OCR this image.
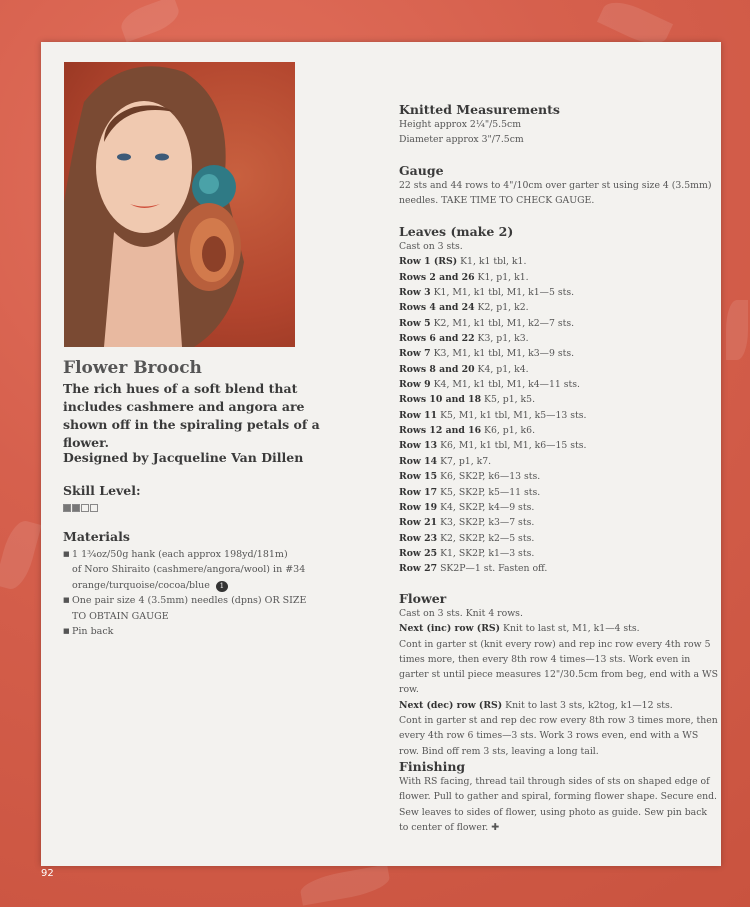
Flower Brooch

The rich hues of a soft blend that includes cashmere and angora are shown off in the spiraling petals of a flower.

Designed by Jacqueline Van Dillen

Skill Level:

Materials

■ 1 1¾oz/50g hank (each approx 198yd/181m)
of Noro Shiraito (cashmere/angora/wool) in #34
orange/turquoise/cocoa/blue 1
■ One pair size 4 (3.5mm) needles (dpns) OR SIZE
TO OBTAIN GAUGE
■ Pin back

Knitted Measurements

Height approx 2¼"/5.5cm

Diameter approx 3"/7.5cm

Gauge

22 sts and 44 rows to 4"/10cm over garter st using size 4 (3.5mm) needles. TAKE TIME TO CHECK GAUGE.

Leaves (make 2)

Cast on 3 sts.
Row 1 (RS) K1, k1 tbl, k1.
Rows 2 and 26 K1, p1, k1.
Row 3 K1, M1, k1 tbl, M1, k1—5 sts.
Rows 4 and 24 K2, p1, k2.
Row 5 K2, M1, k1 tbl, M1, k2—7 sts.
Rows 6 and 22 K3, p1, k3.
Row 7 K3, M1, k1 tbl, M1, k3—9 sts.
Rows 8 and 20 K4, p1, k4.
Row 9 K4, M1, k1 tbl, M1, k4—11 sts.
Rows 10 and 18 K5, p1, k5.
Row 11 K5, M1, k1 tbl, M1, k5—13 sts.
Rows 12 and 16 K6, p1, k6.
Row 13 K6, M1, k1 tbl, M1, k6—15 sts.
Row 14 K7, p1, k7.
Row 15 K6, SK2P, k6—13 sts.
Row 17 K5, SK2P, k5—11 sts.
Row 19 K4, SK2P, k4—9 sts.
Row 21 K3, SK2P, k3—7 sts.
Row 23 K2, SK2P, k2—5 sts.
Row 25 K1, SK2P, k1—3 sts.
Row 27 SK2P—1 st. Fasten off.

Flower

Cast on 3 sts. Knit 4 rows.

Next (inc) row (RS) Knit to last st, M1, k1—4 sts.

Cont in garter st (knit every row) and rep inc row every 4th row 5 times more, then every 8th row 4 times—13 sts. Work even in garter st until piece measures 12"/30.5cm from beg, end with a WS row.

Next (dec) row (RS) Knit to last 3 sts, k2tog, k1—12 sts.

Cont in garter st and rep dec row every 8th row 3 times more, then every 4th row 6 times—3 sts. Work 3 rows even, end with a WS row. Bind off rem 3 sts, leaving a long tail.

Finishing

With RS facing, thread tail through sides of sts on shaped edge of flower. Pull to gather and spiral, forming flower shape. Secure end. Sew leaves to sides of flower, using photo as guide. Sew pin back to center of flower. ✚

92
